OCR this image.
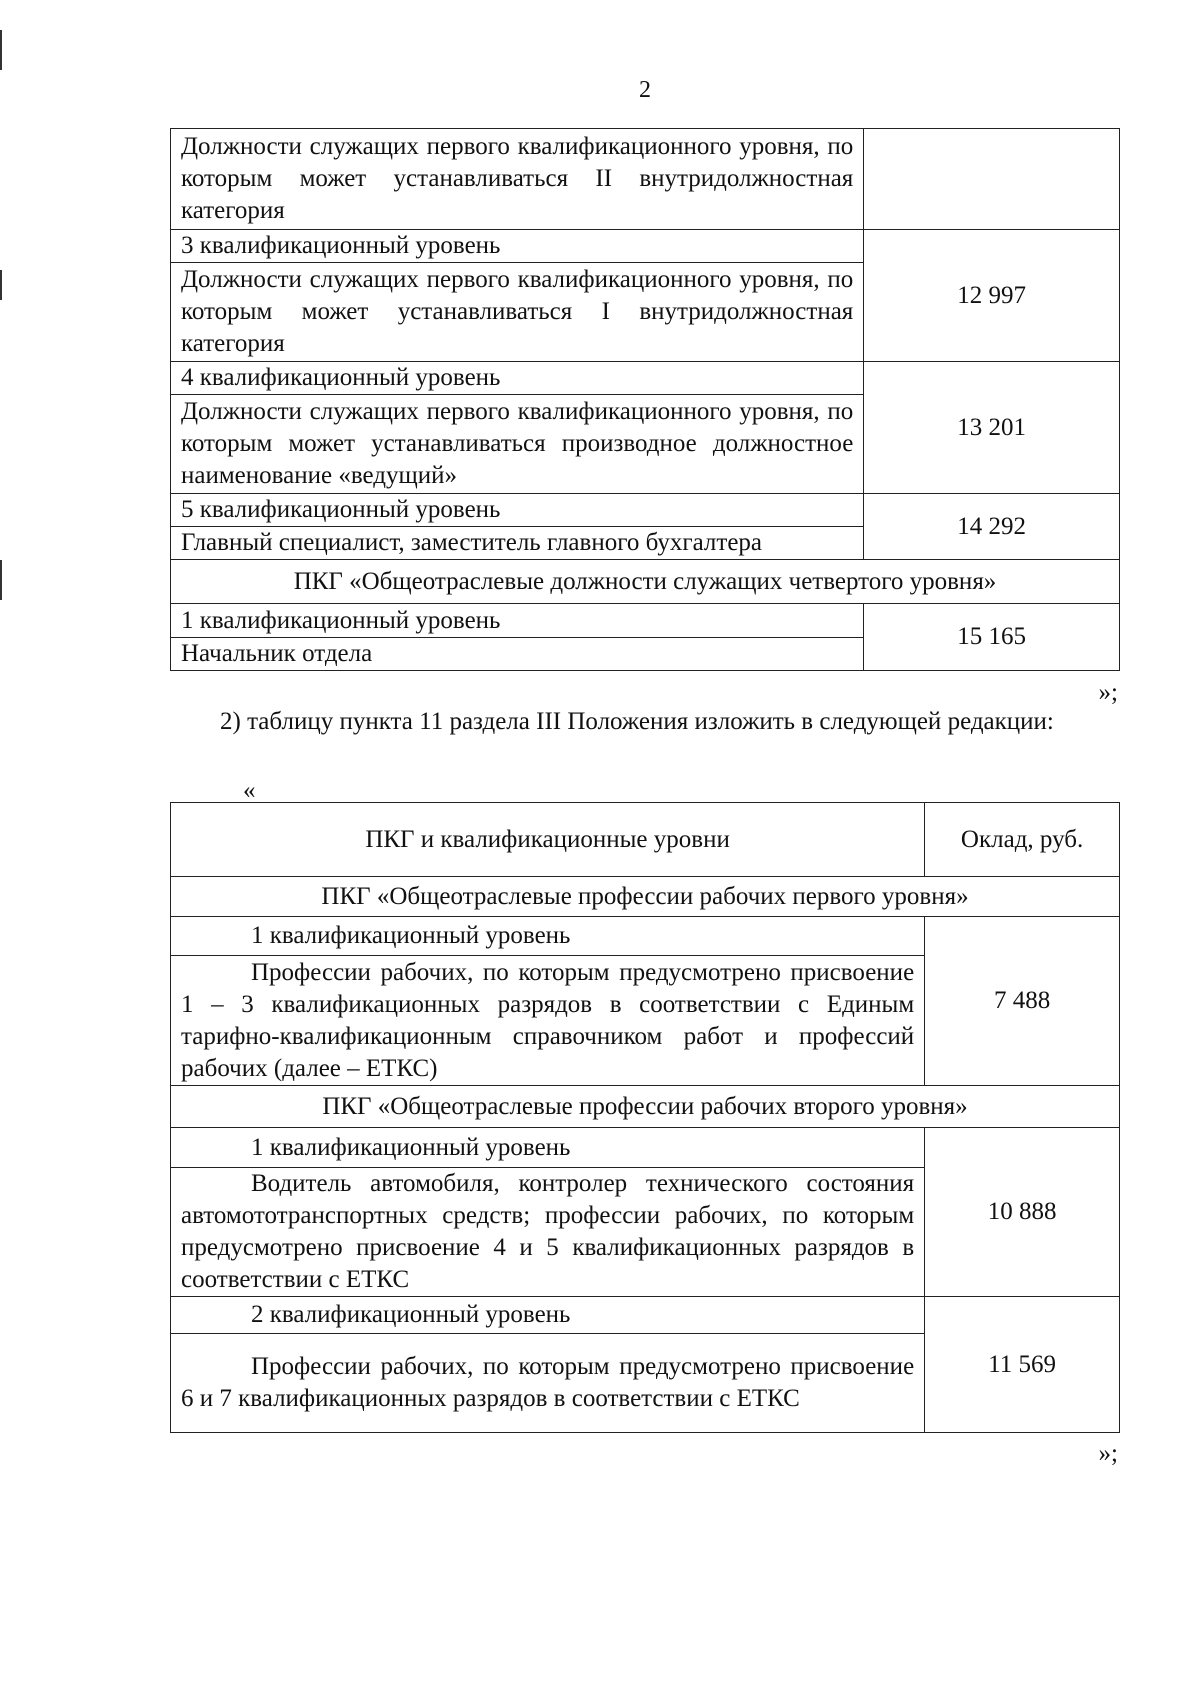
2
Должности служащих первого квалификационного уровня, по которым может устанавливаться II внутридолжностная категория	
3 квалификационный уровень	12 997
Должности служащих первого квалификационного уровня, по которым может устанавливаться I внутридолжностная категория	
4 квалификационный уровень	13 201
Должности служащих первого квалификационного уровня, по которым может устанавливаться производное должностное наименование «ведущий»	
5 квалификационный уровень	14 292
Главный специалист, заместитель главного бухгалтера	
ПКГ «Общеотраслевые должности служащих четвертого уровня»	
1 квалификационный уровень	15 165
Начальник отдела	
»;
2) таблицу пункта 11 раздела III Положения изложить в следующей редакции:
«
ПКГ и квалификационные уровни	Оклад, руб.
ПКГ «Общеотраслевые профессии рабочих первого уровня»	
1 квалификационный уровень	7 488
Профессии рабочих, по которым предусмотрено присвоение 1 – 3 квалификационных разрядов в соответствии с Единым тарифно-квалификационным справочником работ и профессий рабочих (далее – ЕТКС)	
ПКГ «Общеотраслевые профессии рабочих второго уровня»	
1 квалификационный уровень	10 888
Водитель автомобиля, контролер технического состояния автомототранспортных средств; профессии рабочих, по которым предусмотрено присвоение 4 и 5 квалификационных разрядов в соответствии с ЕТКС	
2 квалификационный уровень	11 569
Профессии рабочих, по которым предусмотрено присвоение 6 и 7 квалификационных разрядов в соответствии с ЕТКС	
»;
